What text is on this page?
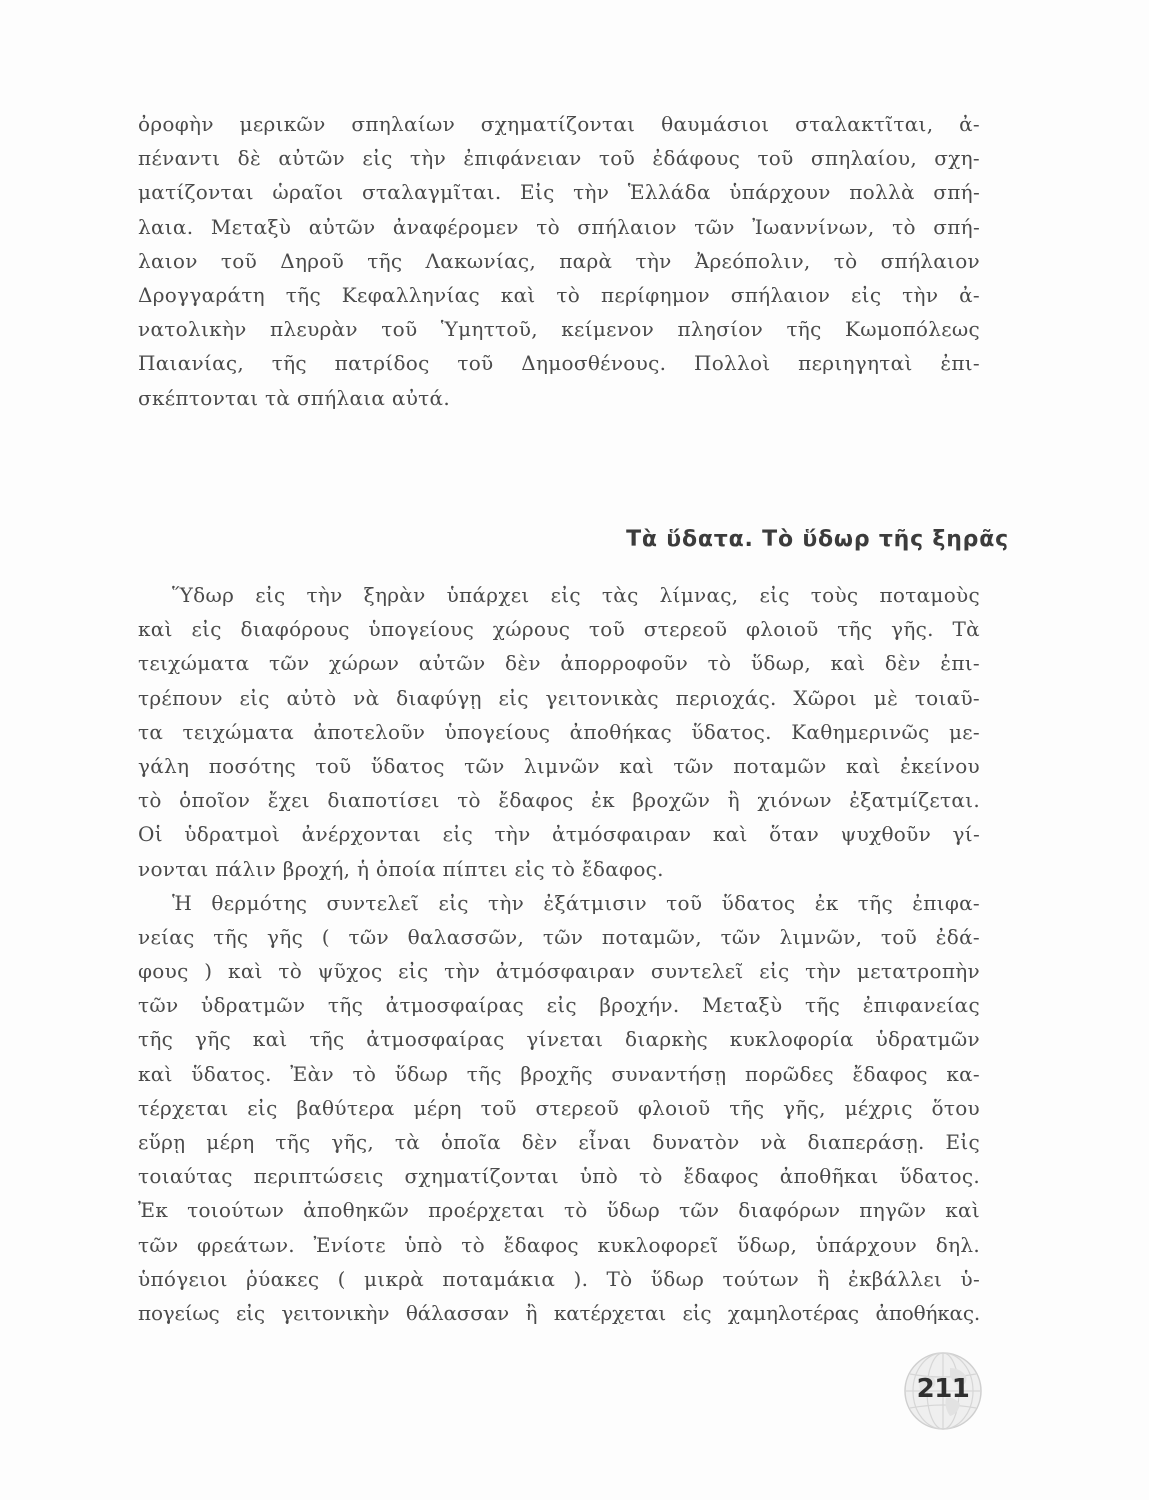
ὀροφὴν μερικῶν σπηλαίων σχηματίζονται θαυμάσιοι σταλακτῖται, ἀ-
πέναντι δὲ αὐτῶν εἰς τὴν ἐπιφάνειαν τοῦ ἐδάφους τοῦ σπηλαίου, σχη-
ματίζονται ὡραῖοι σταλαγμῖται. Εἰς τὴν Ἑλλάδα ὑπάρχουν πολλὰ σπή-
λαια. Μεταξὺ αὐτῶν ἀναφέρομεν τὸ σπήλαιον τῶν Ἰωαννίνων, τὸ σπή-
λαιον τοῦ Δηροῦ τῆς Λακωνίας, παρὰ τὴν Ἀρεόπολιν, τὸ σπήλαιον
Δρογγαράτη τῆς Κεφαλληνίας καὶ τὸ περίφημον σπήλαιον εἰς τὴν ἀ-
νατολικὴν πλευρὰν τοῦ Ὑμηττοῦ, κείμενον πλησίον τῆς Κωμοπόλεως
Παιανίας, τῆς πατρίδος τοῦ Δημοσθένους. Πολλοὶ περιηγηταὶ ἐπι-
σκέπτονται τὰ σπήλαια αὐτά.
Τὰ ὕδατα. Τὸ ὕδωρ τῆς ξηρᾶς
Ὕδωρ εἰς τὴν ξηρὰν ὑπάρχει εἰς τὰς λίμνας, εἰς τοὺς ποταμοὺς
καὶ εἰς διαφόρους ὑπογείους χώρους τοῦ στερεοῦ φλοιοῦ τῆς γῆς. Τὰ
τειχώματα τῶν χώρων αὐτῶν δὲν ἀπορροφοῦν τὸ ὕδωρ, καὶ δὲν ἐπι-
τρέπουν εἰς αὐτὸ νὰ διαφύγῃ εἰς γειτονικὰς περιοχάς. Χῶροι μὲ τοιαῦ-
τα τειχώματα ἀποτελοῦν ὑπογείους ἀποθήκας ὕδατος. Καθημερινῶς με-
γάλη ποσότης τοῦ ὕδατος τῶν λιμνῶν καὶ τῶν ποταμῶν καὶ ἐκείνου
τὸ ὁποῖον ἔχει διαποτίσει τὸ ἔδαφος ἐκ βροχῶν ἢ χιόνων ἐξατμίζεται.
Οἱ ὑδρατμοὶ ἀνέρχονται εἰς τὴν ἀτμόσφαιραν καὶ ὅταν ψυχθοῦν γί-
νονται πάλιν βροχή, ἡ ὁποία πίπτει εἰς τὸ ἔδαφος.
Ἡ θερμότης συντελεῖ εἰς τὴν ἐξάτμισιν τοῦ ὕδατος ἐκ τῆς ἐπιφα-
νείας τῆς γῆς ( τῶν θαλασσῶν, τῶν ποταμῶν, τῶν λιμνῶν, τοῦ ἐδά-
φους ) καὶ τὸ ψῦχος εἰς τὴν ἀτμόσφαιραν συντελεῖ εἰς τὴν μετατροπὴν
τῶν ὑδρατμῶν τῆς ἀτμοσφαίρας εἰς βροχήν. Μεταξὺ τῆς ἐπιφανείας
τῆς γῆς καὶ τῆς ἀτμοσφαίρας γίνεται διαρκὴς κυκλοφορία ὑδρατμῶν
καὶ ὕδατος. Ἐὰν τὸ ὕδωρ τῆς βροχῆς συναντήσῃ πορῶδες ἔδαφος κα-
τέρχεται εἰς βαθύτερα μέρη τοῦ στερεοῦ φλοιοῦ τῆς γῆς, μέχρις ὅτου
εὕρῃ μέρη τῆς γῆς, τὰ ὁποῖα δὲν εἶναι δυνατὸν νὰ διαπεράσῃ. Εἰς
τοιαύτας περιπτώσεις σχηματίζονται ὑπὸ τὸ ἔδαφος ἀποθῆκαι ὕδατος.
Ἐκ τοιούτων ἀποθηκῶν προέρχεται τὸ ὕδωρ τῶν διαφόρων πηγῶν καὶ
τῶν φρεάτων. Ἐνίοτε ὑπὸ τὸ ἔδαφος κυκλοφορεῖ ὕδωρ, ὑπάρχουν δηλ.
ὑπόγειοι ῥύακες ( μικρὰ ποταμάκια ). Τὸ ὕδωρ τούτων ἢ ἐκβάλλει ὑ-
πογείως εἰς γειτονικὴν θάλασσαν ἢ κατέρχεται εἰς χαμηλοτέρας ἀποθήκας.
211
